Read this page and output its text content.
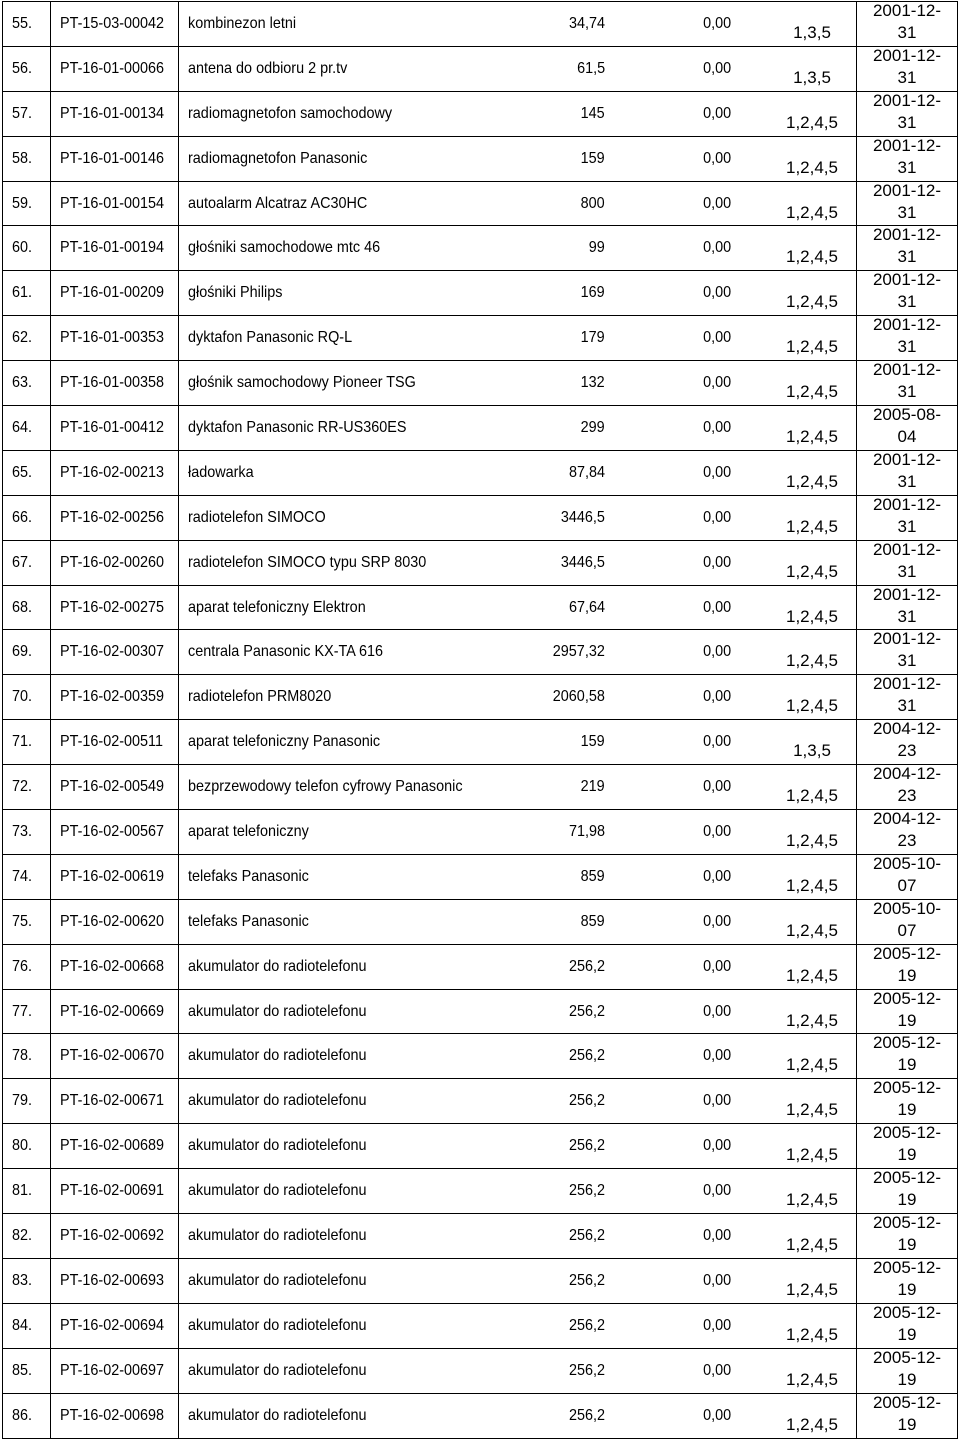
55. PT-15-03-00042 kombinezon letni	34,74	0,00	1,3,5
2001-12-
31
56. PT-16-01-00066 antena do odbioru 2 pr.tv	61,5	0,00	1,3,5
2001-12-
31
57. PT-16-01-00134 radiomagnetofon samochodowy	145	0,00	1,2,4,5
2001-12-
31
58. PT-16-01-00146 radiomagnetofon Panasonic	159	0,00	1,2,4,5
2001-12-
31
59. PT-16-01-00154 autoalarm Alcatraz AC30HC	800	0,00	1,2,4,5
2001-12-
31
60. PT-16-01-00194 głośniki samochodowe mtc 46	99	0,00	1,2,4,5
2001-12-
31
61. PT-16-01-00209 głośniki Philips	169	0,00	1,2,4,5
2001-12-
31
62. PT-16-01-00353 dyktafon Panasonic RQ-L	179	0,00	1,2,4,5
2001-12-
31
63. PT-16-01-00358 głośnik samochodowy Pioneer TSG	132	0,00	1,2,4,5
2001-12-
31
64. PT-16-01-00412 dyktafon Panasonic RR-US360ES	299	0,00	1,2,4,5
2005-08-
04
65. PT-16-02-00213 ładowarka	87,84	0,00	1,2,4,5
2001-12-
31
66. PT-16-02-00256 radiotelefon SIMOCO	3446,5	0,00	1,2,4,5
2001-12-
31
67. PT-16-02-00260 radiotelefon SIMOCO typu SRP 8030	3446,5	0,00	1,2,4,5
2001-12-
31
68. PT-16-02-00275 aparat telefoniczny Elektron	67,64	0,00	1,2,4,5
2001-12-
31
69. PT-16-02-00307 centrala Panasonic KX-TA 616	2957,32	0,00	1,2,4,5
2001-12-
31
70. PT-16-02-00359 radiotelefon PRM8020	2060,58	0,00	1,2,4,5
2001-12-
31
71. PT-16-02-00511 aparat telefoniczny Panasonic	159	0,00	1,3,5
2004-12-
23
72. PT-16-02-00549 bezprzewodowy telefon cyfrowy Panasonic	219	0,00	1,2,4,5
2004-12-
23
73. PT-16-02-00567 aparat telefoniczny	71,98	0,00	1,2,4,5
2004-12-
23
74. PT-16-02-00619 telefaks Panasonic	859	0,00	1,2,4,5
2005-10-
07
75. PT-16-02-00620 telefaks Panasonic	859	0,00	1,2,4,5
2005-10-
07
76. PT-16-02-00668 akumulator do radiotelefonu	256,2	0,00	1,2,4,5
2005-12-
19
77. PT-16-02-00669 akumulator do radiotelefonu	256,2	0,00	1,2,4,5
2005-12-
19
78. PT-16-02-00670 akumulator do radiotelefonu	256,2	0,00	1,2,4,5
2005-12-
19
79. PT-16-02-00671 akumulator do radiotelefonu	256,2	0,00	1,2,4,5
2005-12-
19
80. PT-16-02-00689 akumulator do radiotelefonu	256,2	0,00	1,2,4,5
2005-12-
19
81. PT-16-02-00691 akumulator do radiotelefonu	256,2	0,00	1,2,4,5
2005-12-
19
82. PT-16-02-00692 akumulator do radiotelefonu	256,2	0,00	1,2,4,5
2005-12-
19
83. PT-16-02-00693 akumulator do radiotelefonu	256,2	0,00	1,2,4,5
2005-12-
19
84. PT-16-02-00694 akumulator do radiotelefonu	256,2	0,00	1,2,4,5
2005-12-
19
85. PT-16-02-00697 akumulator do radiotelefonu	256,2	0,00	1,2,4,5
2005-12-
19
86. PT-16-02-00698 akumulator do radiotelefonu	256,2	0,00	1,2,4,5
2005-12-
19
